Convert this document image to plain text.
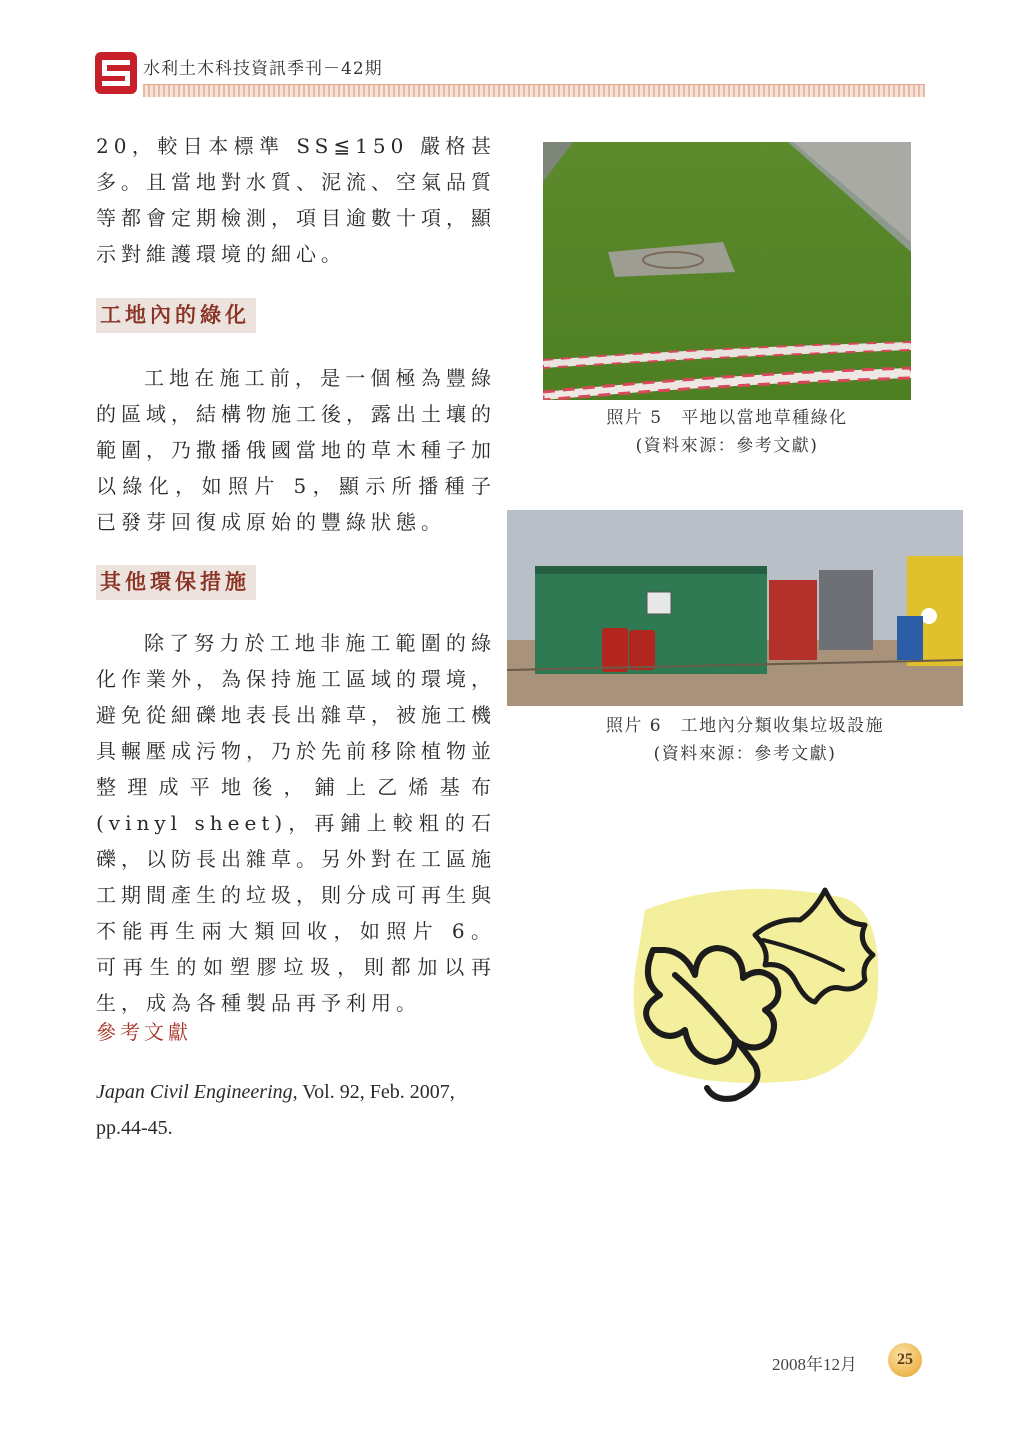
水利土木科技資訊季刊－42期
20，較日本標準 SS≦150 嚴格甚多。且當地對水質、泥流、空氣品質等都會定期檢測，項目逾數十項，顯示對維護環境的細心。
工地內的綠化
工地在施工前，是一個極為豐綠的區域，結構物施工後，露出土壤的範圍，乃撒播俄國當地的草木種子加以綠化，如照片 5，顯示所播種子已發芽回復成原始的豐綠狀態。
其他環保措施
除了努力於工地非施工範圍的綠化作業外，為保持施工區域的環境，避免從細礫地表長出雜草，被施工機具輾壓成污物，乃於先前移除植物並整理成平地後，鋪上乙烯基布(vinyl sheet)，再鋪上較粗的石礫，以防長出雜草。另外對在工區施工期間產生的垃圾，則分成可再生與不能再生兩大類回收，如照片 6。可再生的如塑膠垃圾，則都加以再生，成為各種製品再予利用。
參考文獻
Japan Civil Engineering, Vol. 92, Feb. 2007, pp.44-45.
照片 5　平地以當地草種綠化
(資料來源：參考文獻)
照片 6　工地內分類收集垃圾設施
(資料來源：參考文獻)
2008年12月	25
